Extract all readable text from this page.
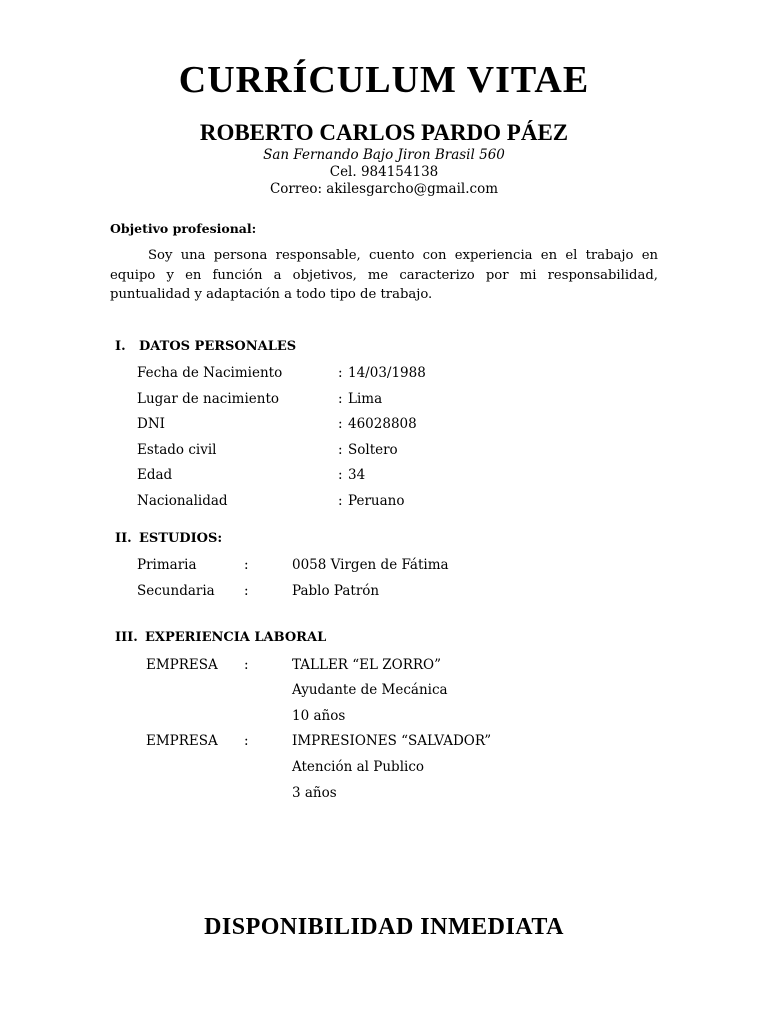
CURRÍCULUM VITAE
ROBERTO CARLOS PARDO PÁEZ
San Fernando Bajo Jiron Brasil 560
Cel. 984154138
Correo: akilesgarcho@gmail.com
Objetivo profesional:

Soy una persona responsable, cuento con experiencia en el trabajo en equipo y en función a objetivos, me caracterizo por mi responsabilidad, puntualidad y adaptación a todo tipo de trabajo.

I. DATOS PERSONALES
Fecha de Nacimiento	: 14/03/1988
Lugar de nacimiento	: Lima
DNI	: 46028808
Estado civil	: Soltero
Edad	: 34
Nacionalidad	: Peruano
II. ESTUDIOS:
Primaria	:	0058 Virgen de Fátima
Secundaria :	Pablo Patrón
III. EXPERIENCIA LABORAL
EMPRESA :	TALLER “EL ZORRO”
Ayudante de Mecánica
10 años
EMPRESA :	IMPRESIONES “SALVADOR”
Atención al Publico
3 años
DISPONIBILIDAD INMEDIATA
